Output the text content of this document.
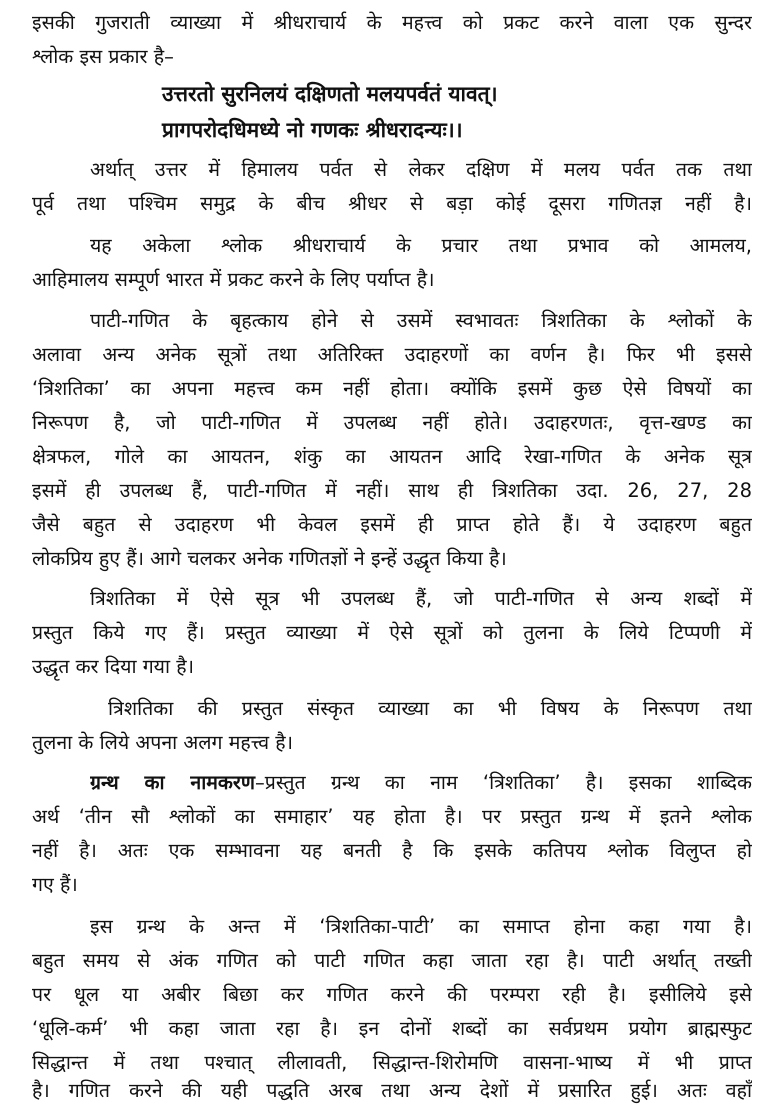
इसकी गुजराती व्याख्या में श्रीधराचार्य के महत्त्व को प्रकट करने वाला एक सुन्दर
श्लोक इस प्रकार है–
उत्तरतो सुरनिलयं दक्षिणतो मलयपर्वतं यावत्।
प्रागपरोदधिमध्ये नो गणकः श्रीधरादन्यः।।
अर्थात् उत्तर में हिमालय पर्वत से लेकर दक्षिण में मलय पर्वत तक तथा
पूर्व तथा पश्चिम समुद्र के बीच श्रीधर से बड़ा कोई दूसरा गणितज्ञ नहीं है।
यह अकेला श्लोक श्रीधराचार्य के प्रचार तथा प्रभाव को आमलय,
आहिमालय सम्पूर्ण भारत में प्रकट करने के लिए पर्याप्त है।
पाटी-गणित के बृहत्काय होने से उसमें स्वभावतः त्रिशतिका के श्लोकों के
अलावा अन्य अनेक सूत्रों तथा अतिरिक्त उदाहरणों का वर्णन है। फिर भी इससे
‘त्रिशतिका’ का अपना महत्त्व कम नहीं होता। क्योंकि इसमें कुछ ऐसे विषयों का
निरूपण है, जो पाटी-गणित में उपलब्ध नहीं होते। उदाहरणतः, वृत्त-खण्ड का
क्षेत्रफल, गोले का आयतन, शंकु का आयतन आदि रेखा-गणित के अनेक सूत्र
इसमें ही उपलब्ध हैं, पाटी-गणित में नहीं। साथ ही त्रिशतिका उदा. 26, 27, 28
जैसे बहुत से उदाहरण भी केवल इसमें ही प्राप्त होते हैं। ये उदाहरण बहुत
लोकप्रिय हुए हैं। आगे चलकर अनेक गणितज्ञों ने इन्हें उद्धृत किया है।
त्रिशतिका में ऐसे सूत्र भी उपलब्ध हैं, जो पाटी-गणित से अन्य शब्दों में
प्रस्तुत किये गए हैं। प्रस्तुत व्याख्या में ऐसे सूत्रों को तुलना के लिये टिप्पणी में
उद्धृत कर दिया गया है।
त्रिशतिका की प्रस्तुत संस्कृत व्याख्या का भी विषय के निरूपण तथा
तुलना के लिये अपना अलग महत्त्व है।
ग्रन्थ का नामकरण–प्रस्तुत ग्रन्थ का नाम ‘त्रिशतिका’ है। इसका शाब्दिक
अर्थ ‘तीन सौ श्लोकों का समाहार’ यह होता है। पर प्रस्तुत ग्रन्थ में इतने श्लोक
नहीं है। अतः एक सम्भावना यह बनती है कि इसके कतिपय श्लोक विलुप्त हो
गए हैं।
इस ग्रन्थ के अन्त में ‘त्रिशतिका-पाटी’ का समाप्त होना कहा गया है।
बहुत समय से अंक गणित को पाटी गणित कहा जाता रहा है। पाटी अर्थात् तख्ती
पर धूल या अबीर बिछा कर गणित करने की परम्परा रही है। इसीलिये इसे
‘धूलि-कर्म’ भी कहा जाता रहा है। इन दोनों शब्दों का सर्वप्रथम प्रयोग ब्राह्मस्फुट
सिद्धान्त में तथा पश्चात् लीलावती, सिद्धान्त-शिरोमणि वासना-भाष्य में भी प्राप्त
है। गणित करने की यही पद्धति अरब तथा अन्य देशों में प्रसारित हुई। अतः वहाँ
